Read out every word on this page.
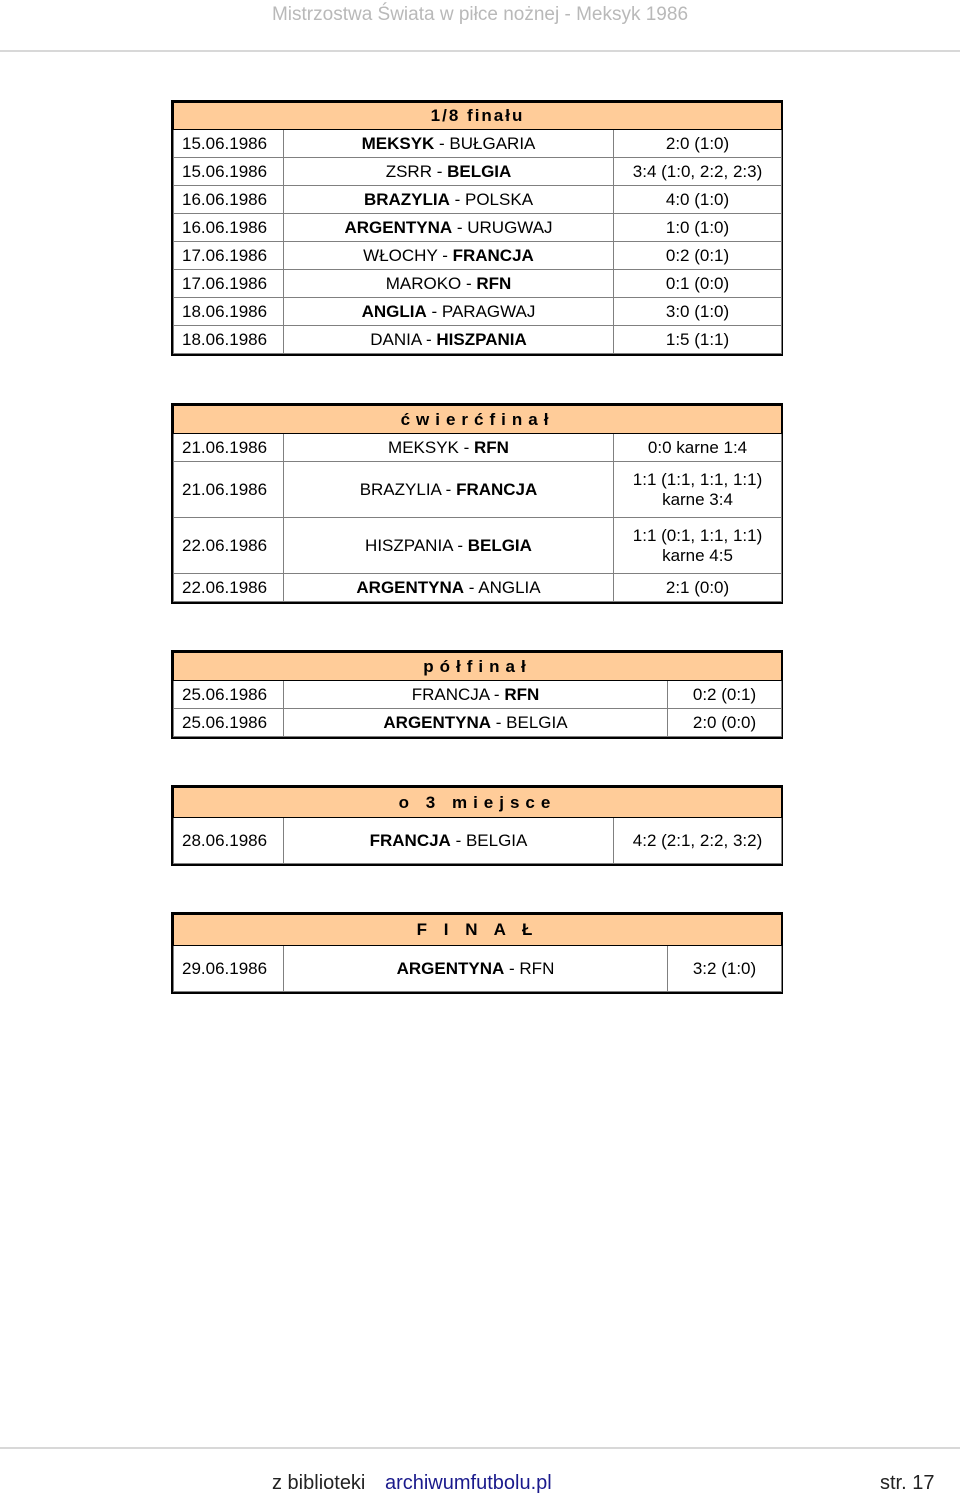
Mistrzostwa Świata w piłce nożnej - Meksyk 1986
1/8 finału		
15.06.1986	MEKSYK - BUŁGARIA	2:0 (1:0)

15.06.1986	ZSRR - BELGIA	3:4 (1:0, 2:2, 2:3)

16.06.1986	BRAZYLIA - POLSKA	4:0 (1:0)

16.06.1986	ARGENTYNA - URUGWAJ	1:0 (1:0)

17.06.1986	WŁOCHY - FRANCJA	0:2 (0:1)

17.06.1986	MAROKO - RFN	0:1 (0:0)

18.06.1986	ANGLIA - PARAGWAJ	3:0 (1:0)

18.06.1986	DANIA - HISZPANIA	1:5 (1:1)
ćwierćfinał		
21.06.1986	MEKSYK - RFN	0:0 karne 1:4

21.06.1986	BRAZYLIA - FRANCJA	1:1 (1:1, 1:1, 1:1)
karne 3:4

22.06.1986	HISZPANIA - BELGIA	1:1 (0:1, 1:1, 1:1)
karne 4:5

22.06.1986	ARGENTYNA - ANGLIA	2:1 (0:0)
półfinał		
25.06.1986	FRANCJA - RFN	0:2 (0:1)

25.06.1986	ARGENTYNA - BELGIA	2:0 (0:0)
o 3 miejsce
28.06.1986	FRANCJA - BELGIA	4:2 (2:1, 2:2, 3:2)
F I N A Ł
29.06.1986	ARGENTYNA - RFN	3:2 (1:0)
z biblioteki archiwumfutbolu.pl	str. 17
